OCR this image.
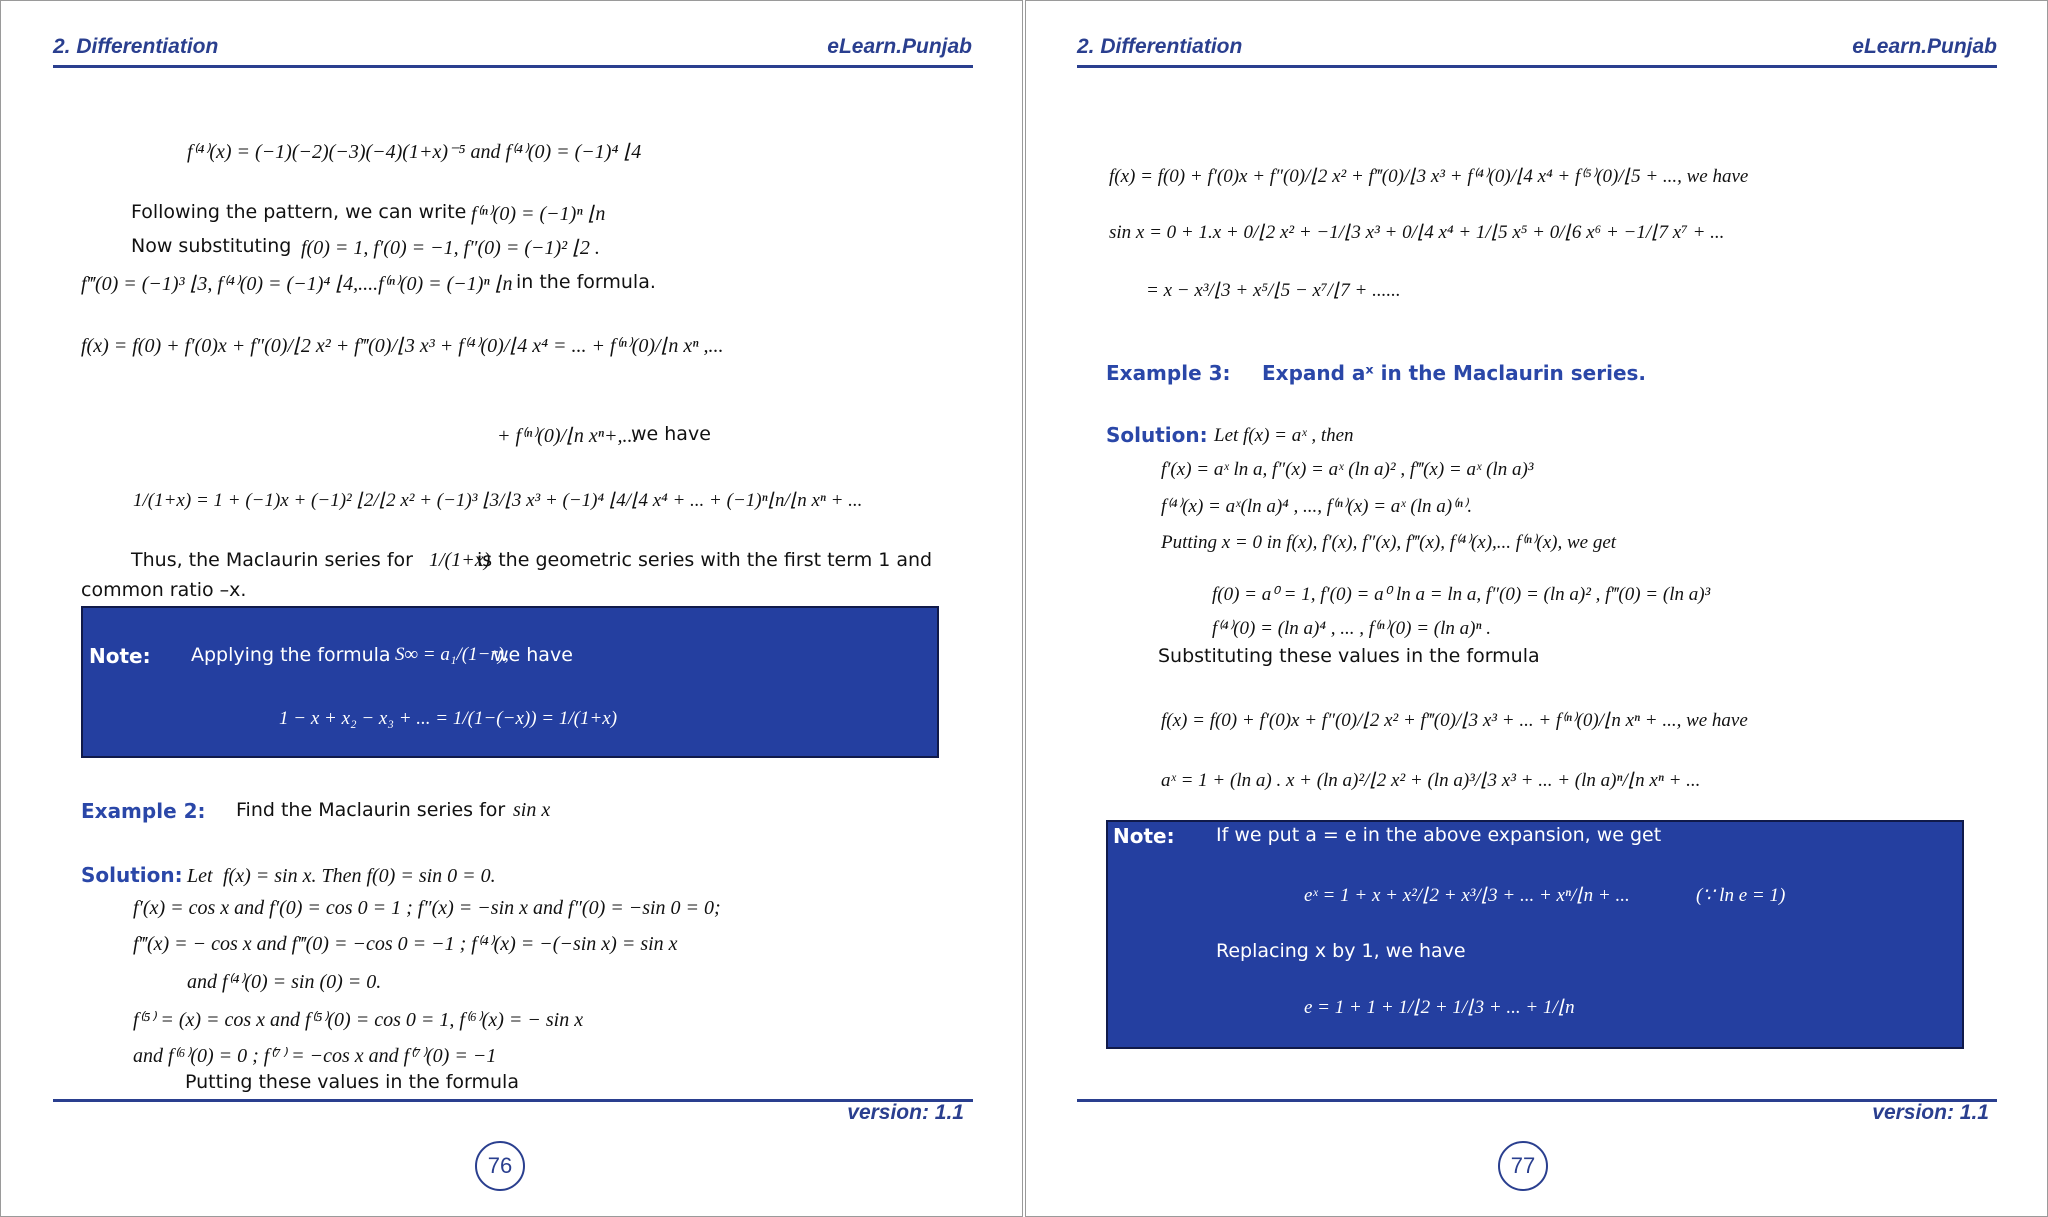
2. Differentiation	eLearn.Punjab
f⁽⁴⁾(x) = (−1)(−2)(−3)(−4)(1+x)⁻⁵ and f⁽⁴⁾(0) = (−1)⁴ ⌊4
Following the pattern, we can write f⁽ⁿ⁾(0) = (−1)ⁿ ⌊n
Now substituting f(0) = 1, f′(0) = −1, f″(0) = (−1)² ⌊2 .
f‴(0) = (−1)³ ⌊3, f⁽⁴⁾(0) = (−1)⁴ ⌊4,....f⁽ⁿ⁾(0) = (−1)ⁿ ⌊n in the formula.
f(x) = f(0) + f′(0)x + f″(0)/⌊2 x² + f‴(0)/⌊3 x³ + f⁽⁴⁾(0)/⌊4 x⁴ = ... + f⁽ⁿ⁾(0)/⌊n xⁿ ,...
+ f⁽ⁿ⁾(0)/⌊n xⁿ+,...
we have
1/(1+x) = 1 + (−1)x + (−1)² ⌊2/⌊2 x² + (−1)³ ⌊3/⌊3 x³ + (−1)⁴ ⌊4/⌊4 x⁴ + ... + (−1)ⁿ⌊n/⌊n xⁿ + ...
Thus, the Maclaurin series for 1/(1+x)
is the geometric series with the first term 1 and
common ratio –x.
Note: Applying the formula S∞ = a₁/(1−r),
we have
1 − x + x₂ − x₃ + ... = 1/(1−(−x)) = 1/(1+x)
Example 2: Find the Maclaurin series for sin x
Solution: Let f(x) = sin x. Then f(0) = sin 0 = 0.
f′(x) = cos x and f′(0) = cos 0 = 1 ; f″(x) = −sin x and f″(0) = −sin 0 = 0;
f‴(x) = − cos x and f‴(0) = −cos 0 = −1 ; f⁽⁴⁾(x) = −(−sin x) = sin x
and f⁽⁴⁾(0) = sin (0) = 0.
f⁽⁵⁾ = (x) = cos x and f⁽⁵⁾(0) = cos 0 = 1, f⁽⁶⁾(x) = − sin x
and f⁽⁶⁾(0) = 0 ; f⁽⁷⁾ = −cos x and f⁽⁷⁾(0) = −1
Putting these values in the formula
version: 1.1
76
2. Differentiation	eLearn.Punjab
f(x) = f(0) + f′(0)x + f″(0)/⌊2 x² + f‴(0)/⌊3 x³ + f⁽⁴⁾(0)/⌊4 x⁴ + f⁽⁵⁾(0)/⌊5 + ..., we have
sin x = 0 + 1.x + 0/⌊2 x² + −1/⌊3 x³ + 0/⌊4 x⁴ + 1/⌊5 x⁵ + 0/⌊6 x⁶ + −1/⌊7 x⁷ + ...
= x − x³/⌊3 + x⁵/⌊5 − x⁷/⌊7 + ......
Example 3: Expand aˣ in the Maclaurin series.
Solution: Let f(x) = aˣ , then
f′(x) = aˣ ln a, f″(x) = aˣ (ln a)² , f‴(x) = aˣ (ln a)³
f⁽⁴⁾(x) = aˣ(ln a)⁴ , ..., f⁽ⁿ⁾(x) = aˣ (ln a)⁽ⁿ⁾.
Putting x = 0 in f(x), f′(x), f″(x), f‴(x), f⁽⁴⁾(x),... f⁽ⁿ⁾(x), we get
f(0) = a⁰ = 1, f′(0) = a⁰ ln a = ln a, f″(0) = (ln a)² , f‴(0) = (ln a)³
f⁽⁴⁾(0) = (ln a)⁴ , ... , f⁽ⁿ⁾(0) = (ln a)ⁿ .
Substituting these values in the formula
f(x) = f(0) + f′(0)x + f″(0)/⌊2 x² + f‴(0)/⌊3 x³ + ... + f⁽ⁿ⁾(0)/⌊n xⁿ + ..., we have
aˣ = 1 + (ln a) . x + (ln a)²/⌊2 x² + (ln a)³/⌊3 x³ + ... + (ln a)ⁿ/⌊n xⁿ + ...
Note: If we put a = e in the above expansion, we get
eˣ = 1 + x + x²/⌊2 + x³/⌊3 + ... + xⁿ/⌊n + ...	(∵ ln e = 1)
Replacing x by 1, we have
e = 1 + 1 + 1/⌊2 + 1/⌊3 + ... + 1/⌊n
version: 1.1
77
